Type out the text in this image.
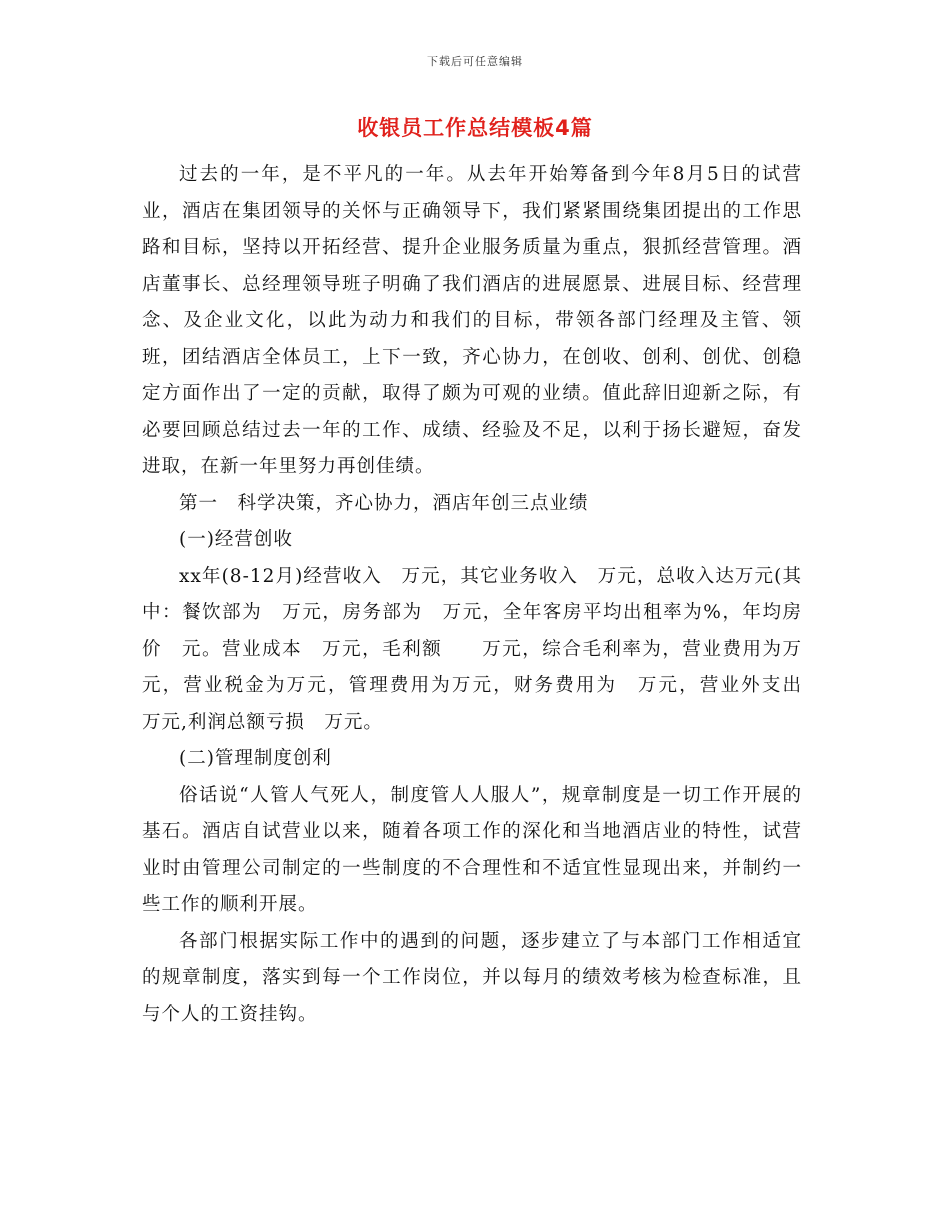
下载后可任意编辑
收银员工作总结模板4篇

过去的一年，是不平凡的一年。从去年开始筹备到今年8月5日的试营业，酒店在集团领导的关怀与正确领导下，我们紧紧围绕集团提出的工作思路和目标，坚持以开拓经营、提升企业服务质量为重点，狠抓经营管理。酒店董事长、总经理领导班子明确了我们酒店的进展愿景、进展目标、经营理念、及企业文化，以此为动力和我们的目标，带领各部门经理及主管、领班，团结酒店全体员工，上下一致，齐心协力，在创收、创利、创优、创稳定方面作出了一定的贡献，取得了颇为可观的业绩。值此辞旧迎新之际，有必要回顾总结过去一年的工作、成绩、经验及不足，以利于扬长避短，奋发进取，在新一年里努力再创佳绩。

第一　科学决策，齐心协力，酒店年创三点业绩

(一)经营创收

xx年(8-12月)经营收入　万元，其它业务收入　万元，总收入达万元(其中：餐饮部为　万元，房务部为　万元，全年客房平均出租率为%，年均房价　元。营业成本　万元，毛利额　　万元，综合毛利率为，营业费用为万元，营业税金为万元，管理费用为万元，财务费用为　万元，营业外支出　万元,利润总额亏损　万元。

(二)管理制度创利

俗话说“人管人气死人，制度管人人服人”，规章制度是一切工作开展的基石。酒店自试营业以来，随着各项工作的深化和当地酒店业的特性，试营业时由管理公司制定的一些制度的不合理性和不适宜性显现出来，并制约一些工作的顺利开展。

各部门根据实际工作中的遇到的问题，逐步建立了与本部门工作相适宜的规章制度，落实到每一个工作岗位，并以每月的绩效考核为检查标准，且与个人的工资挂钩。
